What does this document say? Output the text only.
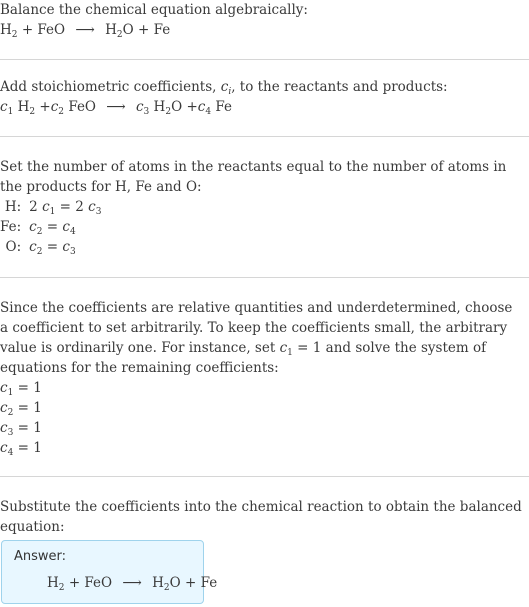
Balance the chemical equation algebraically:

$H_2$ + FeO ⟶ $H_2O + Fe$

Add stoichiometric coefficients, $c_i$, to the reactants and products:

$c_1$ $H_2 +c_2$ FeO ⟶ $c_3$ $H_2O +c_4$ Fe

Set the number of atoms in the reactants equal to the number of atoms in the products for H, Fe and O:

H:	2 $c_1 = 2$ $c_3$
Fe:	$c_2 = c_4$
O:	$c_2 = c_3$

Since the coefficients are relative quantities and underdetermined, choose a coefficient to set arbitrarily. To keep the coefficients small, the arbitrary value is ordinarily one. For instance, set $c_1 = 1$ and solve the system of equations for the remaining coefficients:

$c_1 = 1$

$c_2 = 1$

$c_3 = 1$

$c_4 = 1$

Substitute the coefficients into the chemical reaction to obtain the balanced equation:

Answer:
$H_2$ + FeO ⟶ $H_2O + Fe$
